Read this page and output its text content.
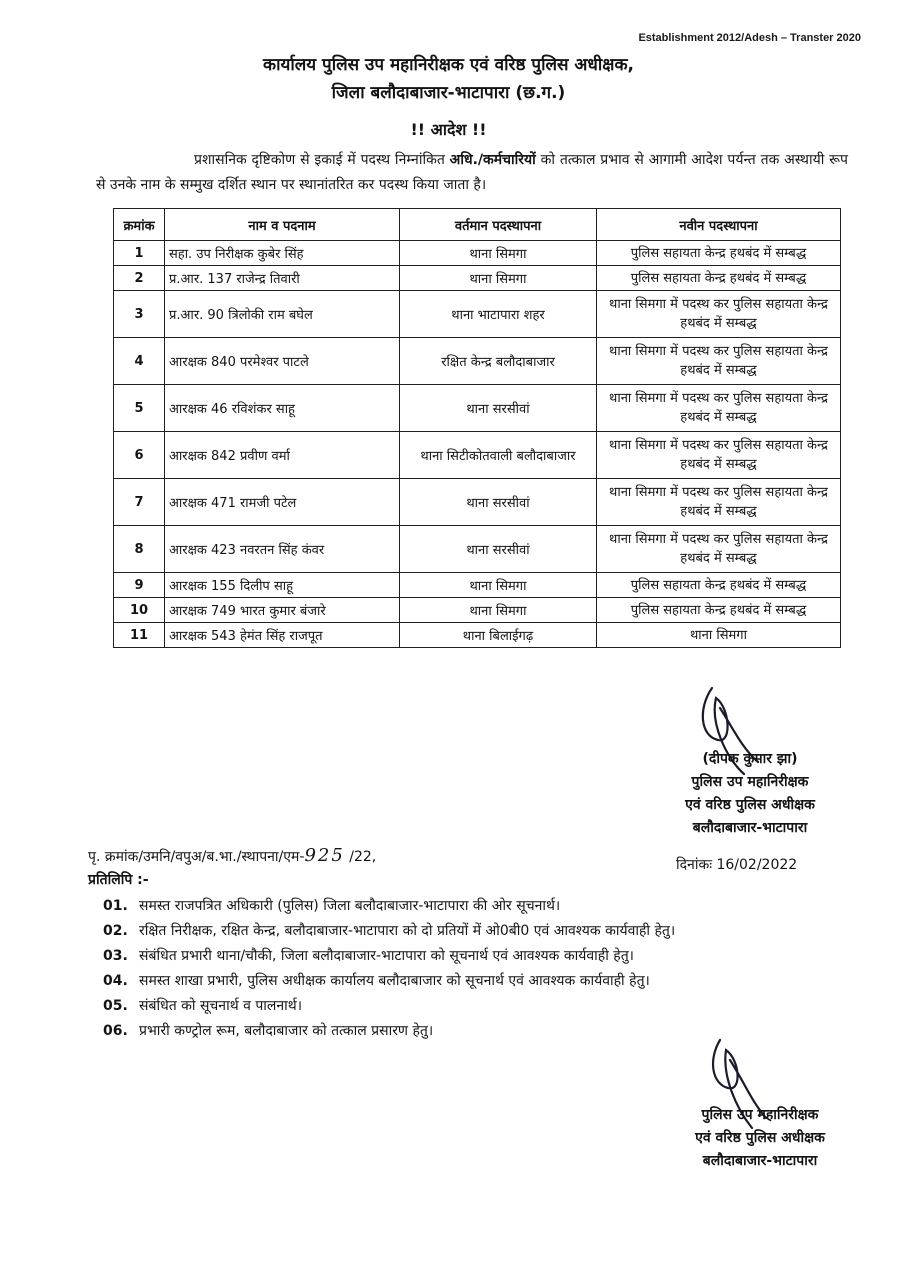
Establishment 2012/Adesh – Transter 2020
कार्यालय पुलिस उप महानिरीक्षक एवं वरिष्ठ पुलिस अधीक्षक,
जिला बलौदाबाजार-भाटापारा (छ.ग.)
!! आदेश !!
प्रशासनिक दृष्टिकोण से इकाई में पदस्थ निम्नांकित अधि./कर्मचारियों को तत्काल प्रभाव से आगामी आदेश पर्यन्त तक अस्थायी रूप से उनके नाम के सम्मुख दर्शित स्थान पर स्थानांतरित कर पदस्थ किया जाता है।
क्रमांक	नाम व पदनाम	वर्तमान पदस्थापना	नवीन पदस्थापना
1	सहा. उप निरीक्षक कुबेर सिंह	थाना सिमगा	पुलिस सहायता केन्द्र हथबंद में सम्बद्ध
2	प्र.आर. 137 राजेन्द्र तिवारी	थाना सिमगा	पुलिस सहायता केन्द्र हथबंद में सम्बद्ध
3	प्र.आर. 90 त्रिलोकी राम बघेल	थाना भाटापारा शहर	थाना सिमगा में पदस्थ कर पुलिस सहायता केन्द्र हथबंद में सम्बद्ध
4	आरक्षक 840 परमेश्वर पाटले	रक्षित केन्द्र बलौदाबाजार	थाना सिमगा में पदस्थ कर पुलिस सहायता केन्द्र हथबंद में सम्बद्ध
5	आरक्षक 46 रविशंकर साहू	थाना सरसीवां	थाना सिमगा में पदस्थ कर पुलिस सहायता केन्द्र हथबंद में सम्बद्ध
6	आरक्षक 842 प्रवीण वर्मा	थाना सिटीकोतवाली बलौदाबाजार	थाना सिमगा में पदस्थ कर पुलिस सहायता केन्द्र हथबंद में सम्बद्ध
7	आरक्षक 471 रामजी पटेल	थाना सरसीवां	थाना सिमगा में पदस्थ कर पुलिस सहायता केन्द्र हथबंद में सम्बद्ध
8	आरक्षक 423 नवरतन सिंह कंवर	थाना सरसीवां	थाना सिमगा में पदस्थ कर पुलिस सहायता केन्द्र हथबंद में सम्बद्ध
9	आरक्षक 155 दिलीप साहू	थाना सिमगा	पुलिस सहायता केन्द्र हथबंद में सम्बद्ध
10	आरक्षक 749 भारत कुमार बंजारे	थाना सिमगा	पुलिस सहायता केन्द्र हथबंद में सम्बद्ध
11	आरक्षक 543 हेमंत सिंह राजपूत	थाना बिलाईगढ़	थाना सिमगा
(दीपक कुमार झा)
पुलिस उप महानिरीक्षक
एवं वरिष्ठ पुलिस अधीक्षक
बलौदाबाजार-भाटापारा
दिनांकः 16/02/2022
पृ. क्रमांक/उमनि/वपुअ/ब.भा./स्थापना/एम-925 /22,
प्रतिलिपि :-
01. समस्त राजपत्रित अधिकारी (पुलिस) जिला बलौदाबाजार-भाटापारा की ओर सूचनार्थ।
02. रक्षित निरीक्षक, रक्षित केन्द्र, बलौदाबाजार-भाटापारा को दो प्रतियों में ओ0बी0 एवं आवश्यक कार्यवाही हेतु।
03. संबंधित प्रभारी थाना/चौकी, जिला बलौदाबाजार-भाटापारा को सूचनार्थ एवं आवश्यक कार्यवाही हेतु।
04. समस्त शाखा प्रभारी, पुलिस अधीक्षक कार्यालय बलौदाबाजार को सूचनार्थ एवं आवश्यक कार्यवाही हेतु।
05. संबंधित को सूचनार्थ व पालनार्थ।
06. प्रभारी कण्ट्रोल रूम, बलौदाबाजार को तत्काल प्रसारण हेतु।
पुलिस उप महानिरीक्षक
एवं वरिष्ठ पुलिस अधीक्षक
बलौदाबाजार-भाटापारा
